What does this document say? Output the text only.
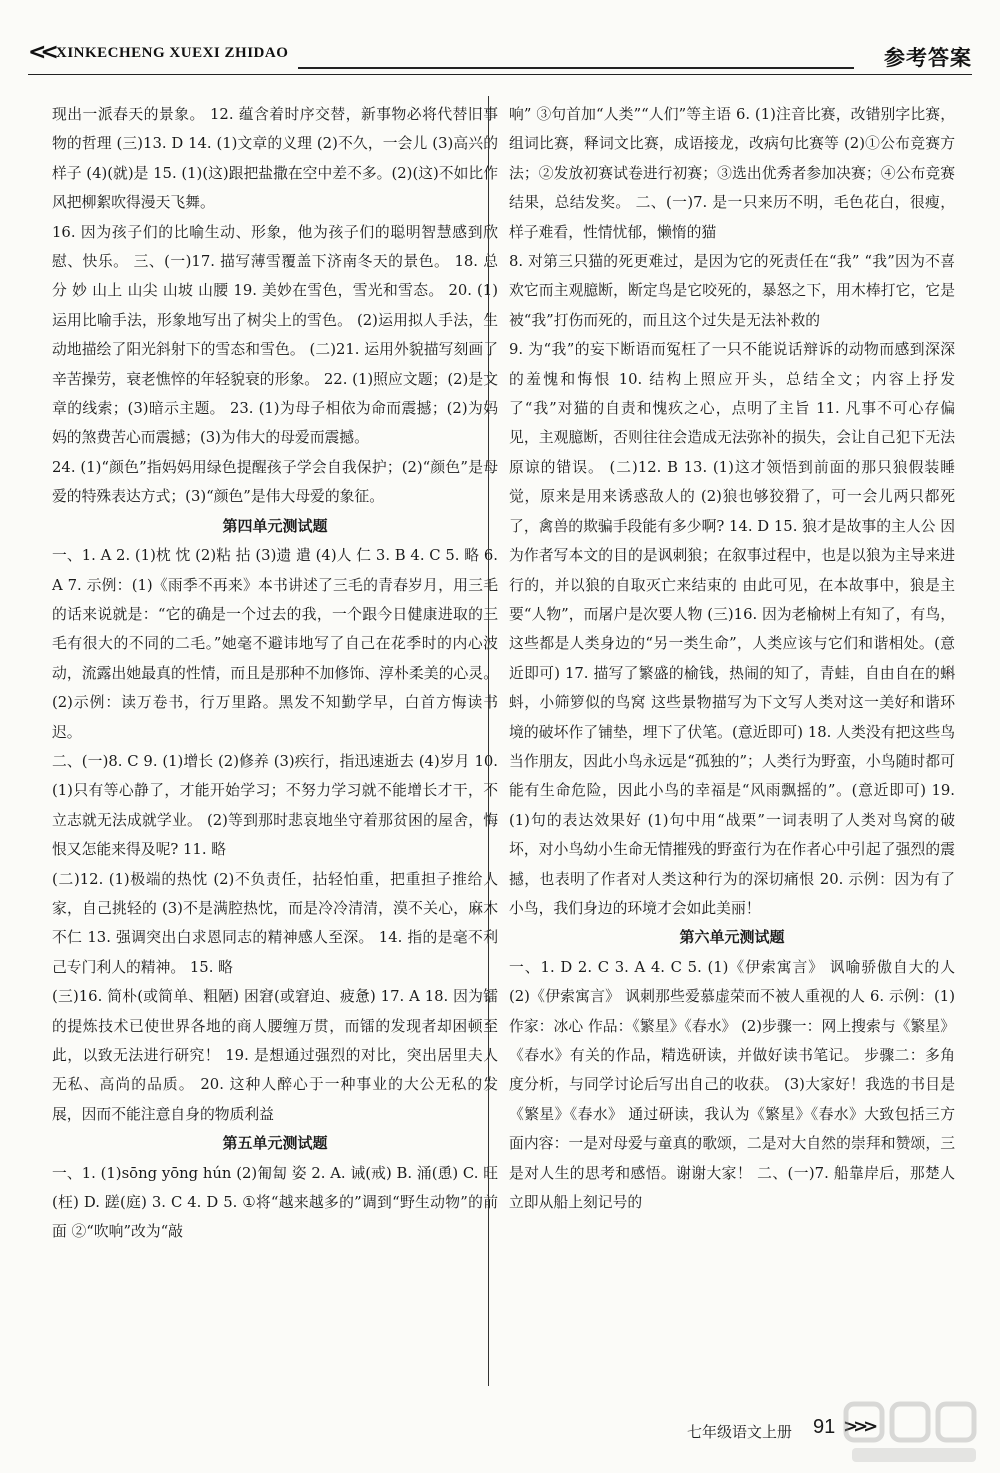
<< XINKECHENG XUEXI ZHIDAO	参考答案

现出一派春天的景象。 12. 蕴含着时序交替，新事物必将代替旧事物的哲理 (三)13. D 14. (1)文章的义理 (2)不久，一会儿 (3)高兴的样子 (4)(就)是 15. (1)(这)跟把盐撒在空中差不多。(2)(这)不如比作风把柳絮吹得漫天飞舞。

16. 因为孩子们的比喻生动、形象，他为孩子们的聪明智慧感到欣慰、快乐。 三、(一)17. 描写薄雪覆盖下济南冬天的景色。 18. 总分 妙 山上 山尖 山坡 山腰 19. 美妙在雪色，雪光和雪态。 20. (1)运用比喻手法，形象地写出了树尖上的雪色。 (2)运用拟人手法，生动地描绘了阳光斜射下的雪态和雪色。 (二)21. 运用外貌描写刻画了辛苦操劳，衰老憔悴的年轻貌衰的形象。 22. (1)照应文题；(2)是文章的线索；(3)暗示主题。 23. (1)为母子相依为命而震撼；(2)为妈妈的煞费苦心而震撼；(3)为伟大的母爱而震撼。

24. (1)“颜色”指妈妈用绿色提醒孩子学会自我保护；(2)“颜色”是母爱的特殊表达方式；(3)“颜色”是伟大母爱的象征。

第四单元测试题

一、1. A 2. (1)枕 忱 (2)粘 拈 (3)遗 遣 (4)人 仁 3. B 4. C 5. 略 6. A 7. 示例：(1)《雨季不再来》本书讲述了三毛的青春岁月，用三毛的话来说就是：“它的确是一个过去的我，一个跟今日健康进取的三毛有很大的不同的二毛。”她毫不避讳地写了自己在花季时的内心波动，流露出她最真的性情，而且是那种不加修饰、淳朴柔美的心灵。 (2)示例：读万卷书，行万里路。黑发不知勤学早，白首方悔读书迟。

二、(一)8. C 9. (1)增长 (2)修养 (3)疾行，指迅速逝去 (4)岁月 10. (1)只有等心静了，才能开始学习；不努力学习就不能增长才干，不立志就无法成就学业。 (2)等到那时悲哀地坐守着那贫困的屋舍，悔恨又怎能来得及呢? 11. 略

(二)12. (1)极端的热忱 (2)不负责任，拈轻怕重，把重担子推给人家，自己挑轻的 (3)不是满腔热忱，而是冷冷清清，漠不关心，麻木不仁 13. 强调突出白求恩同志的精神感人至深。 14. 指的是毫不利己专门利人的精神。 15. 略

(三)16. 简朴(或简单、粗陋) 困窘(或窘迫、疲惫) 17. A 18. 因为镭的提炼技术已使世界各地的商人腰缠万贯，而镭的发现者却困顿至此，以致无法进行研究！ 19. 是想通过强烈的对比，突出居里夫人无私、高尚的品质。 20. 这种人醉心于一种事业的大公无私的发展，因而不能注意自身的物质利益

第五单元测试题

一、1. (1)sōng yōng hún (2)匍匐 姿 2. A. 诫(戒) B. 涌(恿) C. 旺(枉) D. 蹉(庭) 3. C 4. D 5. ①将“越来越多的”调到“野生动物”的前面 ②“吹响”改为“敲

响” ③句首加“人类”“人们”等主语 6. (1)注音比赛，改错别字比赛，组词比赛，释词文比赛，成语接龙，改病句比赛等 (2)①公布竞赛方法；②发放初赛试卷进行初赛；③选出优秀者参加决赛；④公布竞赛结果，总结发奖。 二、(一)7. 是一只来历不明，毛色花白，很瘦，样子难看，性情忧郁，懒惰的猫

8. 对第三只猫的死更难过，是因为它的死责任在“我” “我”因为不喜欢它而主观臆断，断定鸟是它咬死的，暴怒之下，用木棒打它，它是被“我”打伤而死的，而且这个过失是无法补救的

9. 为“我”的妄下断语而冤枉了一只不能说话辩诉的动物而感到深深的羞愧和悔恨 10. 结构上照应开头，总结全文；内容上抒发了“我”对猫的自责和愧疚之心，点明了主旨 11. 凡事不可心存偏见，主观臆断，否则往往会造成无法弥补的损失，会让自己犯下无法原谅的错误。 (二)12. B 13. (1)这才领悟到前面的那只狼假装睡觉，原来是用来诱惑敌人的 (2)狼也够狡猾了，可一会儿两只都死了，禽兽的欺骗手段能有多少啊? 14. D 15. 狼才是故事的主人公 因为作者写本文的目的是讽刺狼；在叙事过程中，也是以狼为主导来进行的，并以狼的自取灭亡来结束的 由此可见，在本故事中，狼是主要“人物”，而屠户是次要人物 (三)16. 因为老榆树上有知了，有鸟，这些都是人类身边的“另一类生命”，人类应该与它们和谐相处。(意近即可) 17. 描写了繁盛的榆钱，热闹的知了，青蛙，自由自在的蝌蚪，小筛箩似的鸟窝 这些景物描写为下文写人类对这一美好和谐环境的破坏作了铺垫，埋下了伏笔。(意近即可) 18. 人类没有把这些鸟当作朋友，因此小鸟永远是“孤独的”；人类行为野蛮，小鸟随时都可能有生命危险，因此小鸟的幸福是“风雨飘摇的”。(意近即可) 19. (1)句的表达效果好 (1)句中用“战栗”一词表明了人类对鸟窝的破坏，对小鸟幼小生命无情摧残的野蛮行为在作者心中引起了强烈的震撼，也表明了作者对人类这种行为的深切痛恨 20. 示例：因为有了小鸟，我们身边的环境才会如此美丽！

第六单元测试题

一、1. D 2. C 3. A 4. C 5. (1)《伊索寓言》 讽喻骄傲自大的人 (2)《伊索寓言》 讽刺那些爱慕虚荣而不被人重视的人 6. 示例：(1)作家：冰心 作品：《繁星》《春水》 (2)步骤一：网上搜索与《繁星》《春水》有关的作品，精选研读，并做好读书笔记。 步骤二：多角度分析，与同学讨论后写出自己的收获。 (3)大家好！我选的书目是《繁星》《春水》 通过研读，我认为《繁星》《春水》大致包括三方面内容：一是对母爱与童真的歌颂，二是对大自然的崇拜和赞颂，三是对人生的思考和感悟。谢谢大家！ 二、(一)7. 船靠岸后，那楚人立即从船上刻记号的

七年级语文上册 91 >>>
